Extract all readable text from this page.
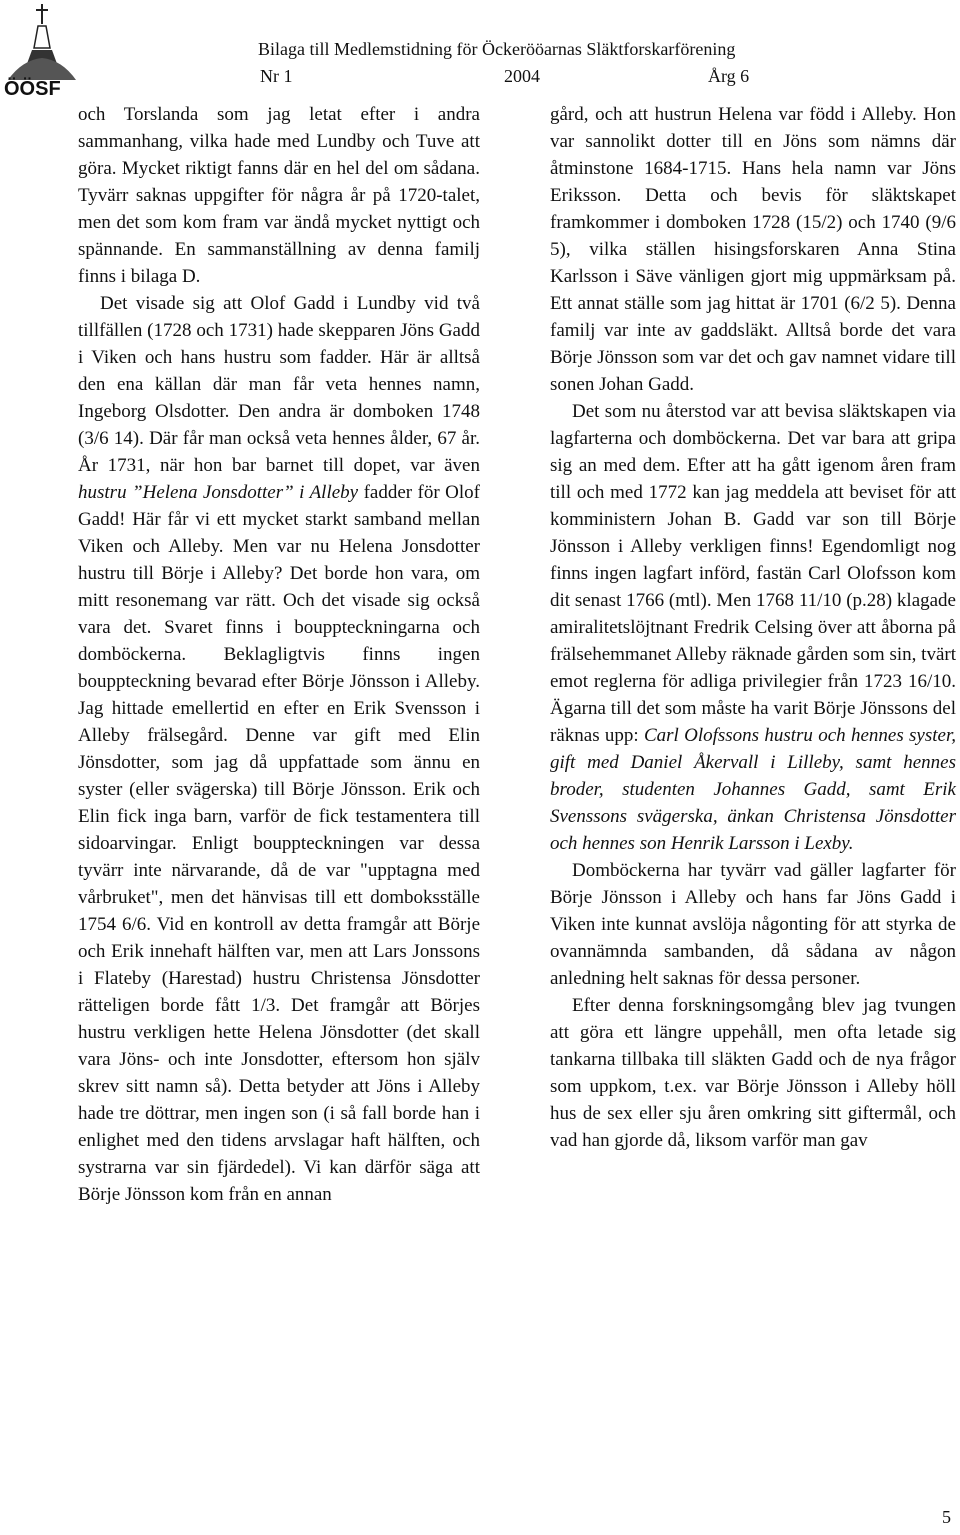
ÖÖSF
Bilaga till Medlemstidning för Öckerööarnas Släktforskarförening
Nr 1	2004	Årg 6

och Torslanda som jag letat efter i andra sammanhang, vilka hade med Lundby och Tuve att göra. Mycket riktigt fanns där en hel del om sådana. Tyvärr saknas uppgifter för några år på 1720-talet, men det som kom fram var ändå mycket nyttigt och spännande. En sammanställning av denna familj finns i bilaga D.

Det visade sig att Olof Gadd i Lundby vid två tillfällen (1728 och 1731) hade skepparen Jöns Gadd i Viken och hans hustru som fadder. Här är alltså den ena källan där man får veta hennes namn, Ingeborg Olsdotter. Den andra är domboken 1748 (3/6 14). Där får man också veta hennes ålder, 67 år. År 1731, när hon bar barnet till dopet, var även hustru ”Helena Jonsdotter” i Alleby fadder för Olof Gadd! Här får vi ett mycket starkt samband mellan Viken och Alleby. Men var nu Helena Jonsdotter hustru till Börje i Alleby? Det borde hon vara, om mitt resonemang var rätt. Och det visade sig också vara det. Svaret finns i bouppteckningarna och domböckerna. Beklagligtvis finns ingen bouppteckning bevarad efter Börje Jönsson i Alleby. Jag hittade emellertid en efter en Erik Svensson i Alleby frälsegård. Denne var gift med Elin Jönsdotter, som jag då uppfattade som ännu en syster (eller svägerska) till Börje Jönsson. Erik och Elin fick inga barn, varför de fick testamentera till sidoarvingar. Enligt bouppteckningen var dessa tyvärr inte närvarande, då de var "upptagna med vårbruket", men det hänvisas till ett domboksställe 1754 6/6. Vid en kontroll av detta framgår att Börje och Erik innehaft hälften var, men att Lars Jonssons i Flateby (Harestad) hustru Christensa Jönsdotter rätteligen borde fått 1/3. Det framgår att Börjes hustru verkligen hette Helena Jönsdotter (det skall vara Jöns- och inte Jonsdotter, eftersom hon själv skrev sitt namn så). Detta betyder att Jöns i Alleby hade tre döttrar, men ingen son (i så fall borde han i enlighet med den tidens arvslagar haft hälften, och systrarna var sin fjärdedel). Vi kan därför säga att Börje Jönsson kom från en annan

gård, och att hustrun Helena var född i Alleby. Hon var sannolikt dotter till en Jöns som nämns där åtminstone 1684-1715. Hans hela namn var Jöns Eriksson. Detta och bevis för släktskapet framkommer i domboken 1728 (15/2) och 1740 (9/6 5), vilka ställen hisingsforskaren Anna Stina Karlsson i Säve vänligen gjort mig uppmärksam på. Ett annat ställe som jag hittat är 1701 (6/2 5). Denna familj var inte av gaddsläkt. Alltså borde det vara Börje Jönsson som var det och gav namnet vidare till sonen Johan Gadd.

Det som nu återstod var att bevisa släktskapen via lagfarterna och domböckerna. Det var bara att gripa sig an med dem. Efter att ha gått igenom åren fram till och med 1772 kan jag meddela att beviset för att komministern Johan B. Gadd var son till Börje Jönsson i Alleby verkligen finns! Egendomligt nog finns ingen lagfart införd, fastän Carl Olofsson kom dit senast 1766 (mtl). Men 1768 11/10 (p.28) klagade amiralitetslöjtnant Fredrik Celsing över att åborna på frälsehemmanet Alleby räknade gården som sin, tvärt emot reglerna för adliga privilegier från 1723 16/10. Ägarna till det som måste ha varit Börje Jönssons del räknas upp: Carl Olofssons hustru och hennes syster, gift med Daniel Åkervall i Lilleby, samt hennes broder, studenten Johannes Gadd, samt Erik Svenssons svägerska, änkan Christensa Jönsdotter och hennes son Henrik Larsson i Lexby.

Domböckerna har tyvärr vad gäller lagfarter för Börje Jönsson i Alleby och hans far Jöns Gadd i Viken inte kunnat avslöja någonting för att styrka de ovannämnda sambanden, då sådana av någon anledning helt saknas för dessa personer.

Efter denna forskningsomgång blev jag tvungen att göra ett längre uppehåll, men ofta letade sig tankarna tillbaka till släkten Gadd och de nya frågor som uppkom, t.ex. var Börje Jönsson i Alleby höll hus de sex eller sju åren omkring sitt giftermål, och vad han gjorde då, liksom varför man gav

5
